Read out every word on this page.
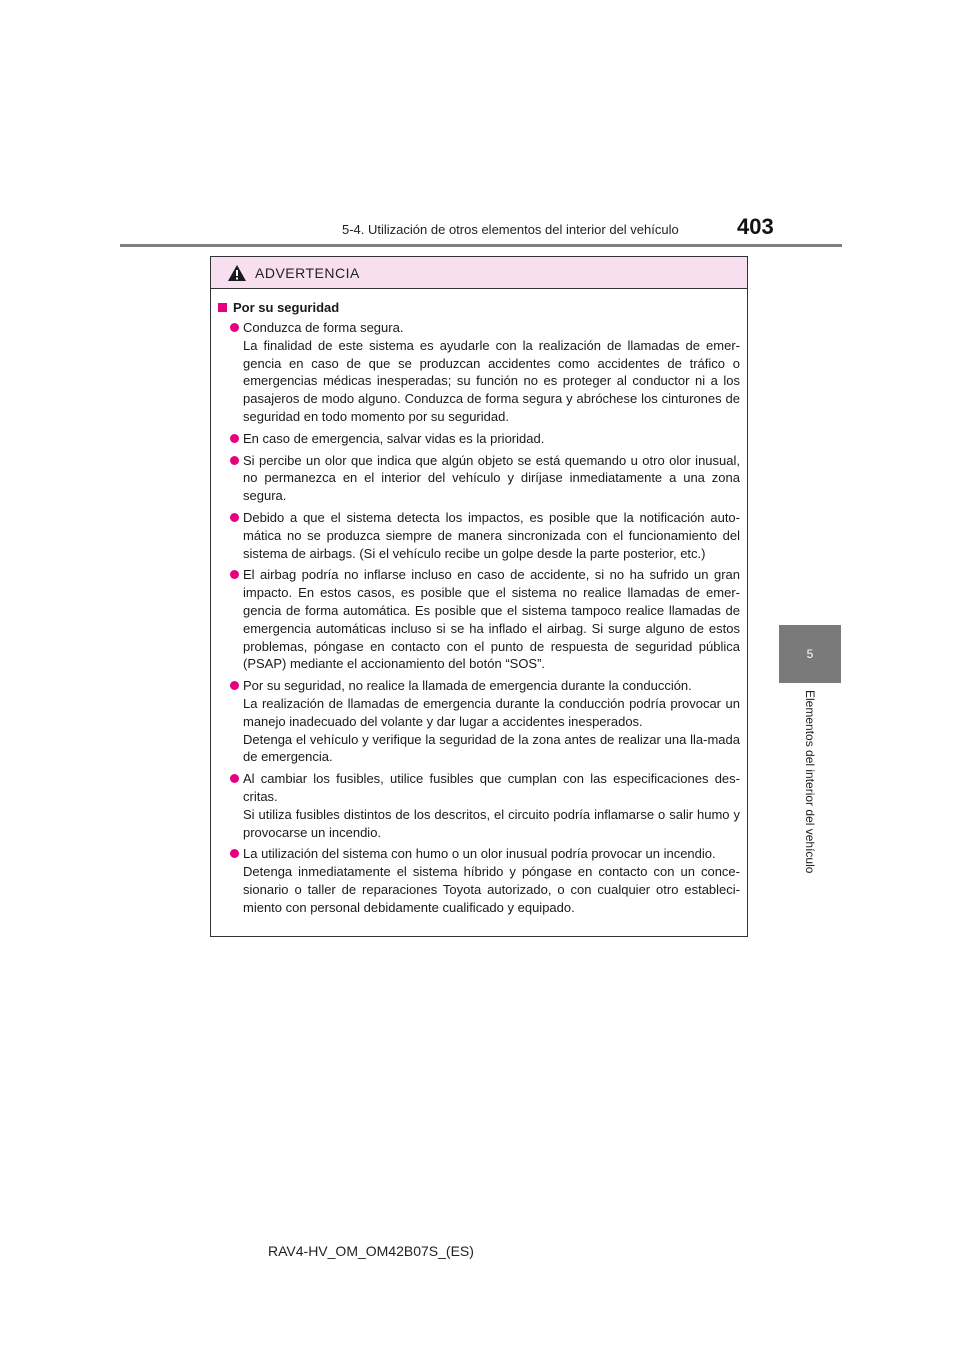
5-4. Utilización de otros elementos del interior del vehículo	403
5
Elementos del interior del vehículo
ADVERTENCIA
Por su seguridad

Conduzca de forma segura.

La finalidad de este sistema es ayudarle con la realización de llamadas de emer-gencia en caso de que se produzcan accidentes como accidentes de tráfico o emergencias médicas inesperadas; su función no es proteger al conductor ni a los pasajeros de modo alguno. Conduzca de forma segura y abróchese los cinturones de seguridad en todo momento por su seguridad.

En caso de emergencia, salvar vidas es la prioridad.

Si percibe un olor que indica que algún objeto se está quemando u otro olor inusual, no permanezca en el interior del vehículo y diríjase inmediatamente a una zona segura.

Debido a que el sistema detecta los impactos, es posible que la notificación auto-mática no se produzca siempre de manera sincronizada con el funcionamiento del sistema de airbags. (Si el vehículo recibe un golpe desde la parte posterior, etc.)

El airbag podría no inflarse incluso en caso de accidente, si no ha sufrido un gran impacto. En estos casos, es posible que el sistema no realice llamadas de emer-gencia de forma automática. Es posible que el sistema tampoco realice llamadas de emergencia automáticas incluso si se ha inflado el airbag. Si surge alguno de estos problemas, póngase en contacto con el punto de respuesta de seguridad pública (PSAP) mediante el accionamiento del botón “SOS”.

Por su seguridad, no realice la llamada de emergencia durante la conducción.

La realización de llamadas de emergencia durante la conducción podría provocar un manejo inadecuado del volante y dar lugar a accidentes inesperados.

Detenga el vehículo y verifique la seguridad de la zona antes de realizar una lla-mada de emergencia.

Al cambiar los fusibles, utilice fusibles que cumplan con las especificaciones des-critas.

Si utiliza fusibles distintos de los descritos, el circuito podría inflamarse o salir humo y provocarse un incendio.

La utilización del sistema con humo o un olor inusual podría provocar un incendio.

Detenga inmediatamente el sistema híbrido y póngase en contacto con un conce-sionario o taller de reparaciones Toyota autorizado, o con cualquier otro estableci-miento con personal debidamente cualificado y equipado.

RAV4-HV_OM_OM42B07S_(ES)
